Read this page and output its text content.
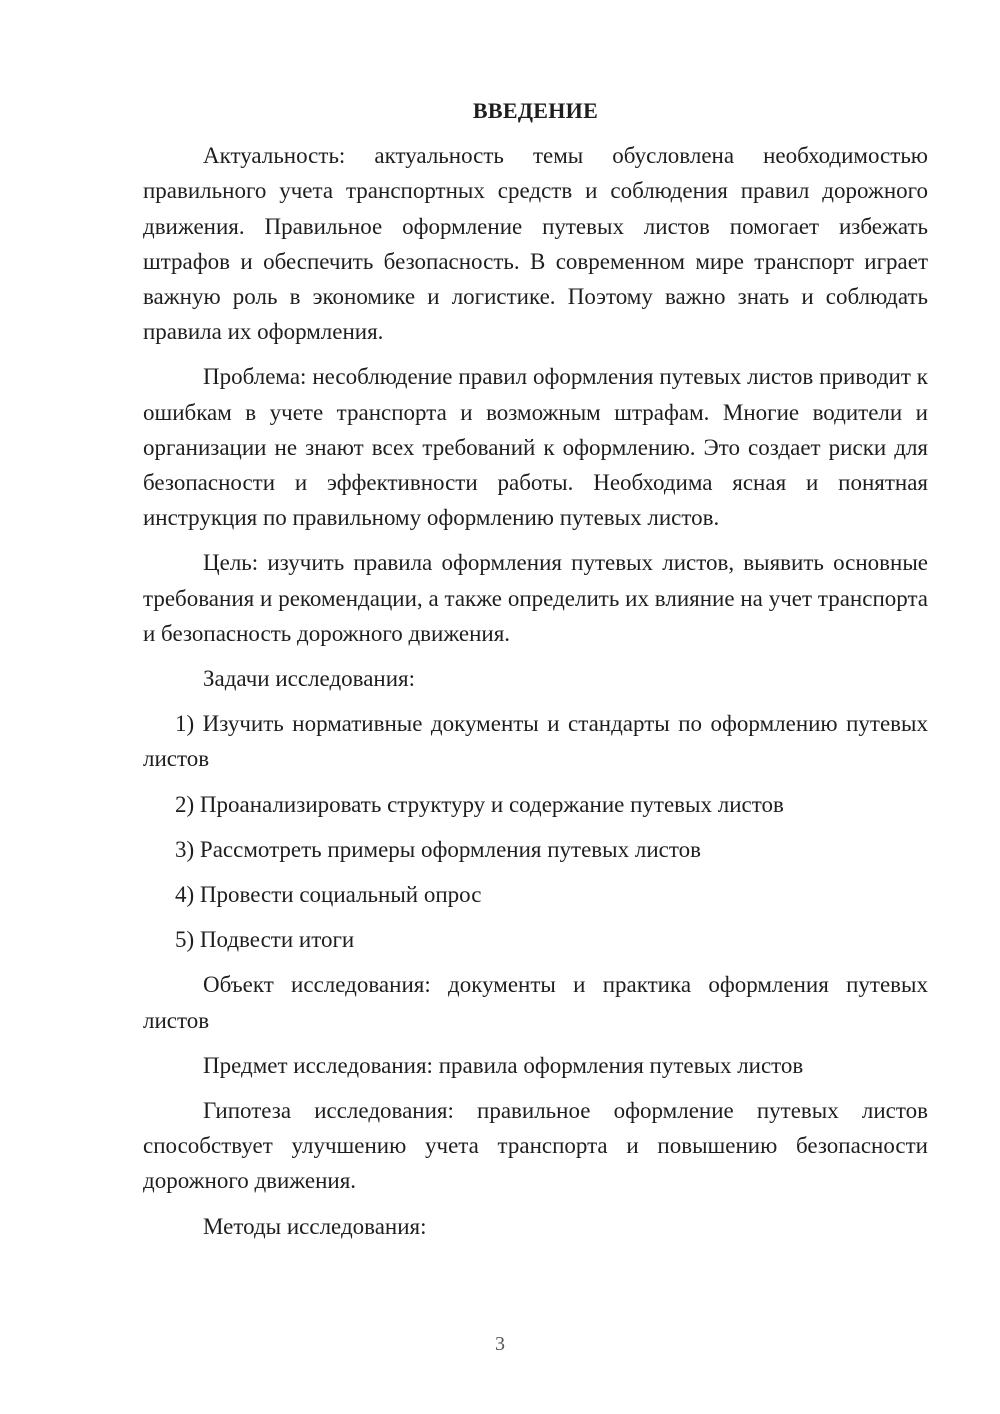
ВВЕДЕНИЕ

Актуальность: актуальность темы обусловлена необходимостью правильного учета транспортных средств и соблюдения правил дорожного движения. Правильное оформление путевых листов помогает избежать штрафов и обеспечить безопасность. В современном мире транспорт играет важную роль в экономике и логистике. Поэтому важно знать и соблюдать правила их оформления.

Проблема: несоблюдение правил оформления путевых листов приводит к ошибкам в учете транспорта и возможным штрафам. Многие водители и организации не знают всех требований к оформлению. Это создает риски для безопасности и эффективности работы. Необходима ясная и понятная инструкция по правильному оформлению путевых листов.

Цель: изучить правила оформления путевых листов, выявить основные требования и рекомендации, а также определить их влияние на учет транспорта и безопасность дорожного движения.

Задачи исследования:

1) Изучить нормативные документы и стандарты по оформлению путевых листов

2) Проанализировать структуру и содержание путевых листов

3) Рассмотреть примеры оформления путевых листов

4) Провести социальный опрос

5) Подвести итоги

Объект исследования: документы и практика оформления путевых листов

Предмет исследования: правила оформления путевых листов

Гипотеза исследования: правильное оформление путевых листов способствует улучшению учета транспорта и повышению безопасности дорожного движения.

Методы исследования:

3
